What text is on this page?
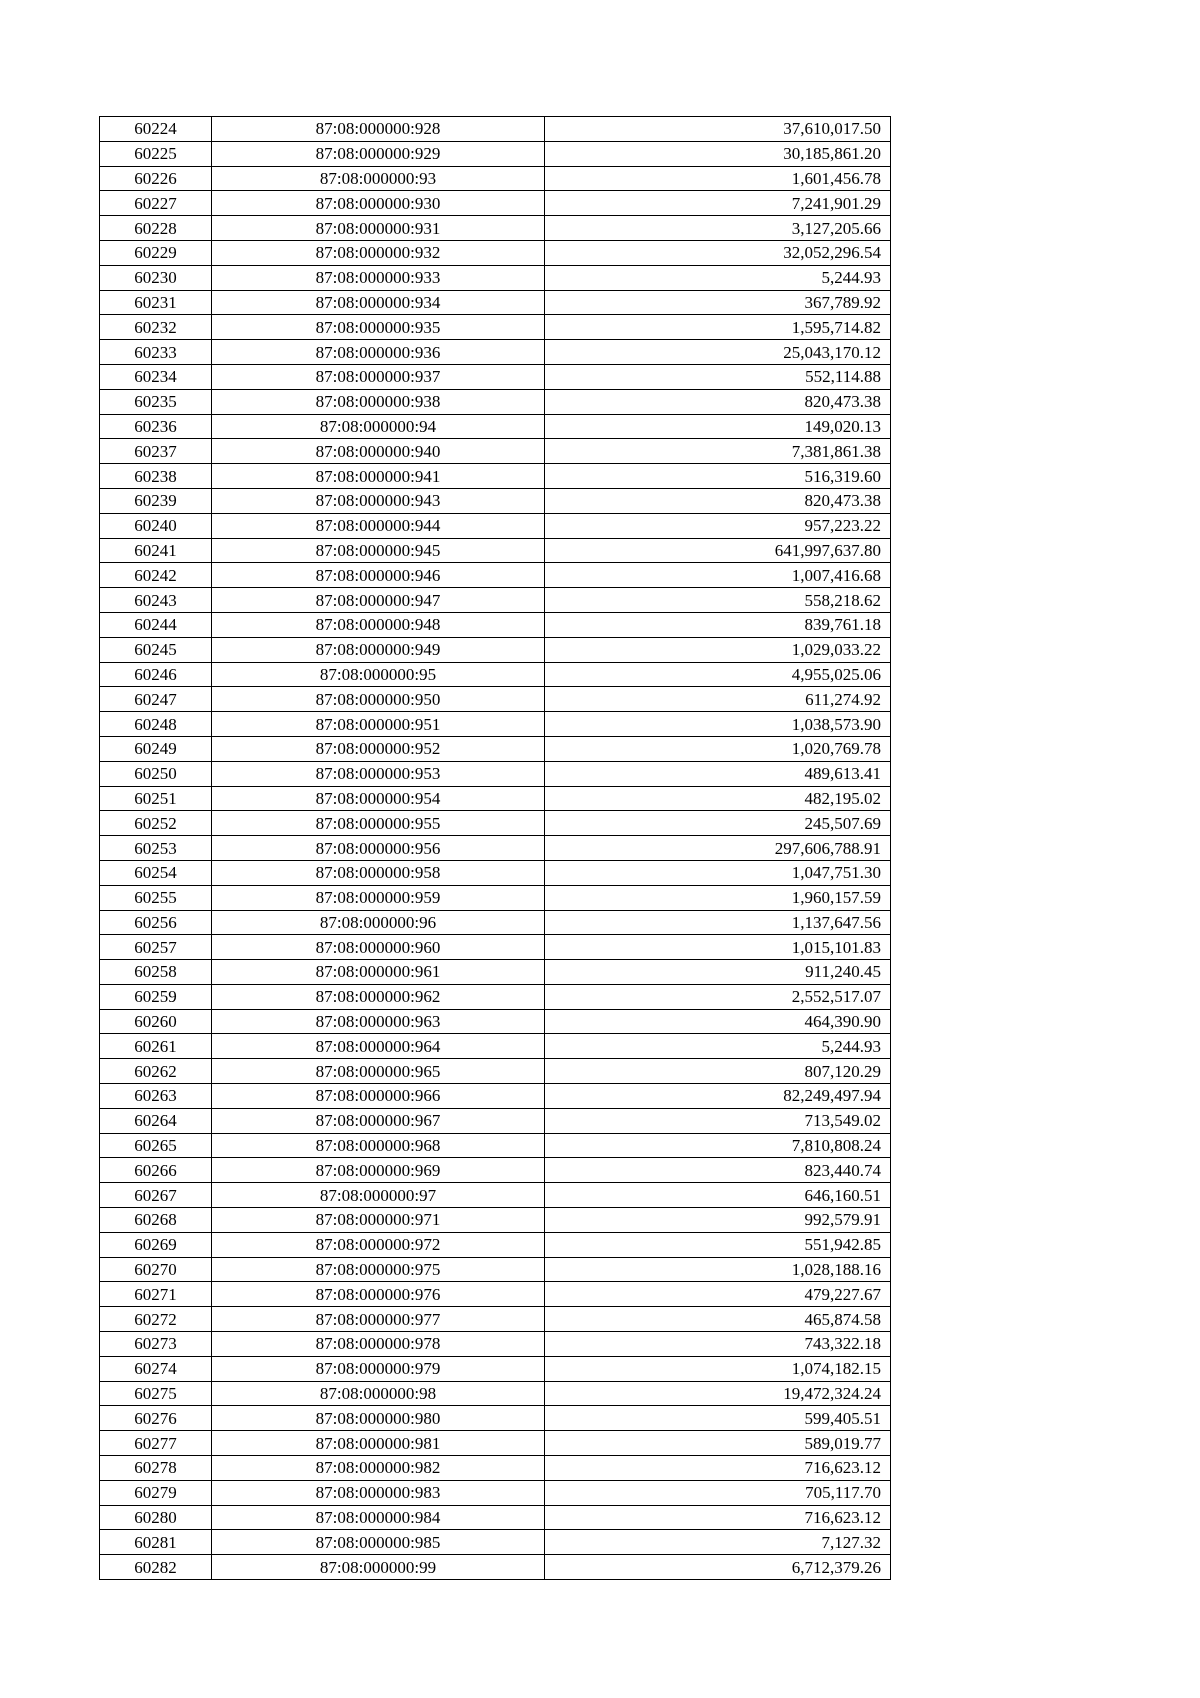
60224	87:08:000000:928	37,610,017.50
60225	87:08:000000:929	30,185,861.20
60226	87:08:000000:93	1,601,456.78
60227	87:08:000000:930	7,241,901.29
60228	87:08:000000:931	3,127,205.66
60229	87:08:000000:932	32,052,296.54
60230	87:08:000000:933	5,244.93
60231	87:08:000000:934	367,789.92
60232	87:08:000000:935	1,595,714.82
60233	87:08:000000:936	25,043,170.12
60234	87:08:000000:937	552,114.88
60235	87:08:000000:938	820,473.38
60236	87:08:000000:94	149,020.13
60237	87:08:000000:940	7,381,861.38
60238	87:08:000000:941	516,319.60
60239	87:08:000000:943	820,473.38
60240	87:08:000000:944	957,223.22
60241	87:08:000000:945	641,997,637.80
60242	87:08:000000:946	1,007,416.68
60243	87:08:000000:947	558,218.62
60244	87:08:000000:948	839,761.18
60245	87:08:000000:949	1,029,033.22
60246	87:08:000000:95	4,955,025.06
60247	87:08:000000:950	611,274.92
60248	87:08:000000:951	1,038,573.90
60249	87:08:000000:952	1,020,769.78
60250	87:08:000000:953	489,613.41
60251	87:08:000000:954	482,195.02
60252	87:08:000000:955	245,507.69
60253	87:08:000000:956	297,606,788.91
60254	87:08:000000:958	1,047,751.30
60255	87:08:000000:959	1,960,157.59
60256	87:08:000000:96	1,137,647.56
60257	87:08:000000:960	1,015,101.83
60258	87:08:000000:961	911,240.45
60259	87:08:000000:962	2,552,517.07
60260	87:08:000000:963	464,390.90
60261	87:08:000000:964	5,244.93
60262	87:08:000000:965	807,120.29
60263	87:08:000000:966	82,249,497.94
60264	87:08:000000:967	713,549.02
60265	87:08:000000:968	7,810,808.24
60266	87:08:000000:969	823,440.74
60267	87:08:000000:97	646,160.51
60268	87:08:000000:971	992,579.91
60269	87:08:000000:972	551,942.85
60270	87:08:000000:975	1,028,188.16
60271	87:08:000000:976	479,227.67
60272	87:08:000000:977	465,874.58
60273	87:08:000000:978	743,322.18
60274	87:08:000000:979	1,074,182.15
60275	87:08:000000:98	19,472,324.24
60276	87:08:000000:980	599,405.51
60277	87:08:000000:981	589,019.77
60278	87:08:000000:982	716,623.12
60279	87:08:000000:983	705,117.70
60280	87:08:000000:984	716,623.12
60281	87:08:000000:985	7,127.32
60282	87:08:000000:99	6,712,379.26
